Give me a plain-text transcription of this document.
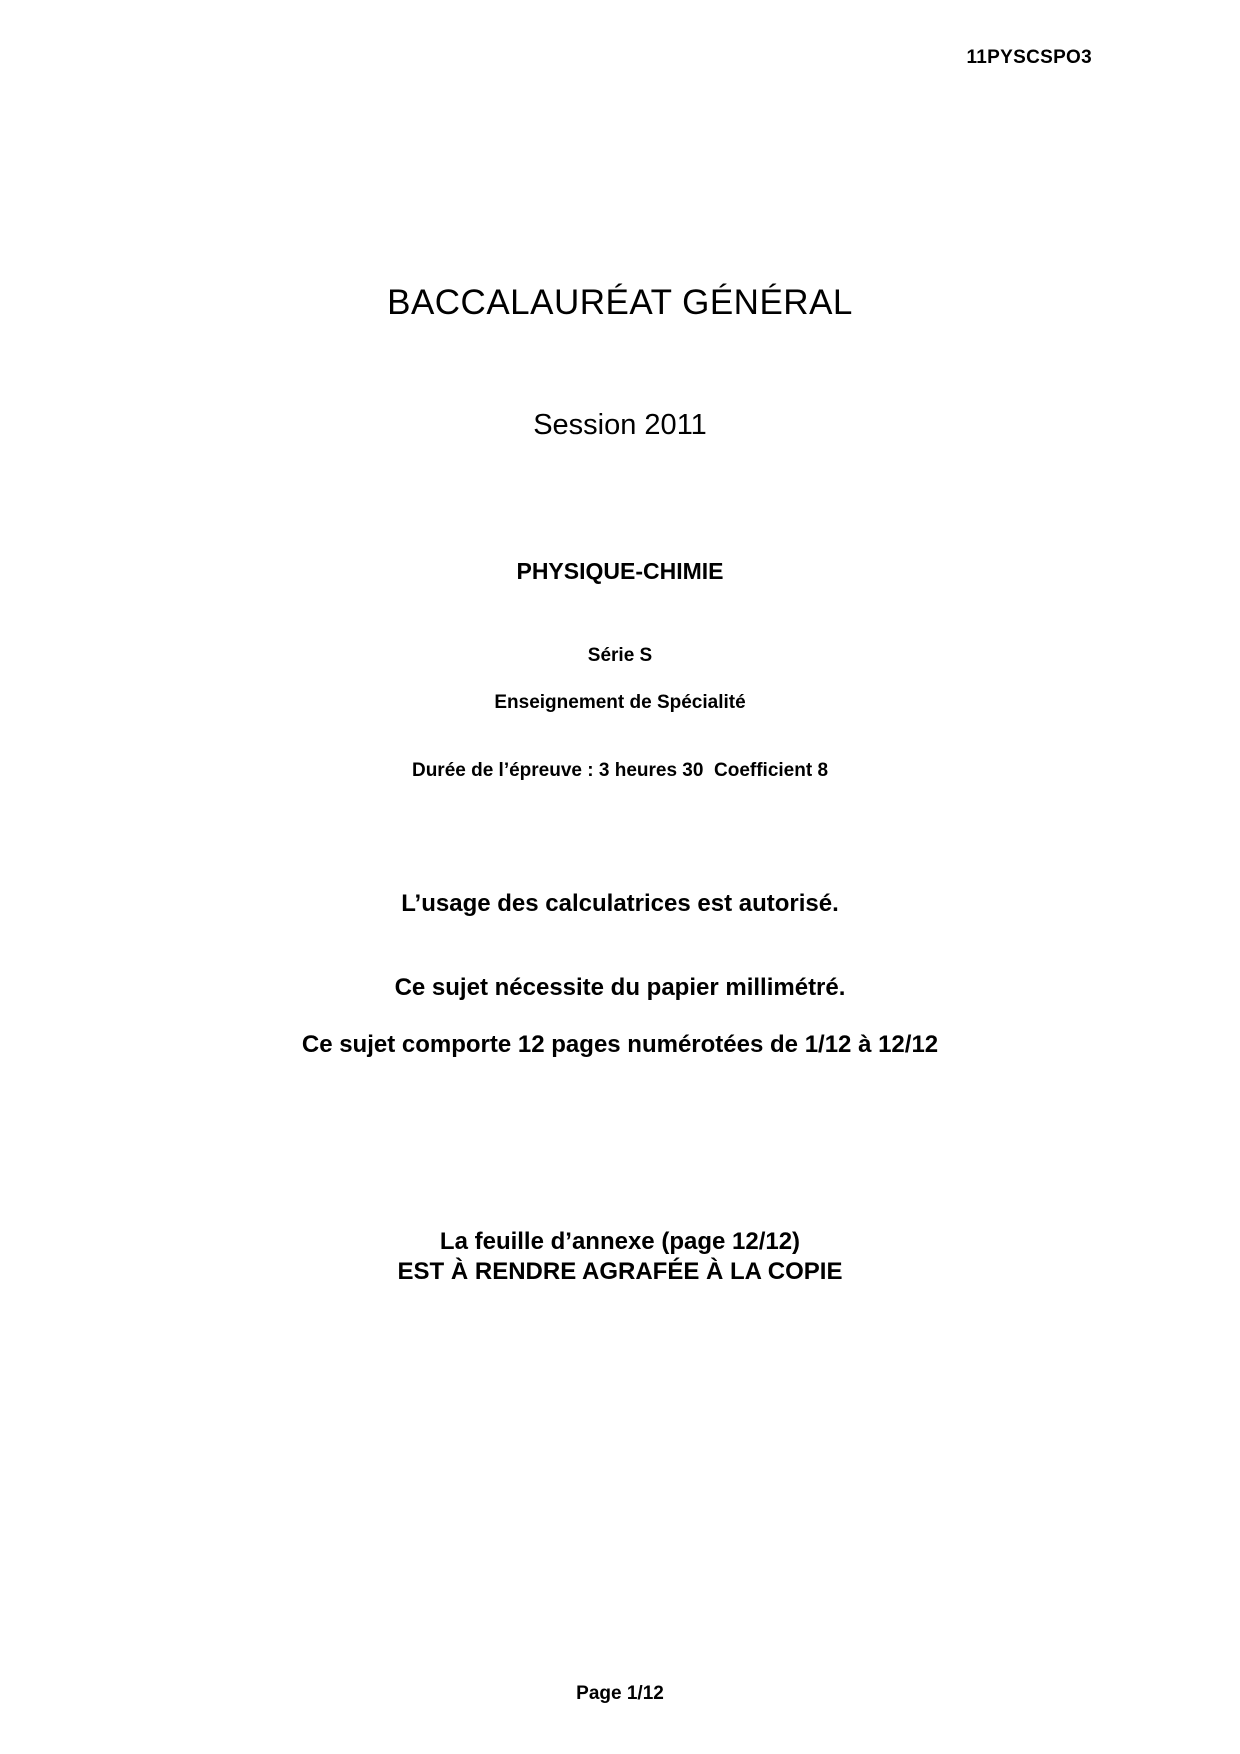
11PYSCSPO3
BACCALAURÉAT GÉNÉRAL
Session 2011
PHYSIQUE-CHIMIE
Série S
Enseignement de Spécialité
Durée de l’épreuve : 3 heures 30  Coefficient 8
L’usage des calculatrices est autorisé.
Ce sujet nécessite du papier millimétré.
Ce sujet comporte 12 pages numérotées de 1/12 à 12/12
La feuille d’annexe (page 12/12)
EST À RENDRE AGRAFÉE À LA COPIE
Page 1/12
